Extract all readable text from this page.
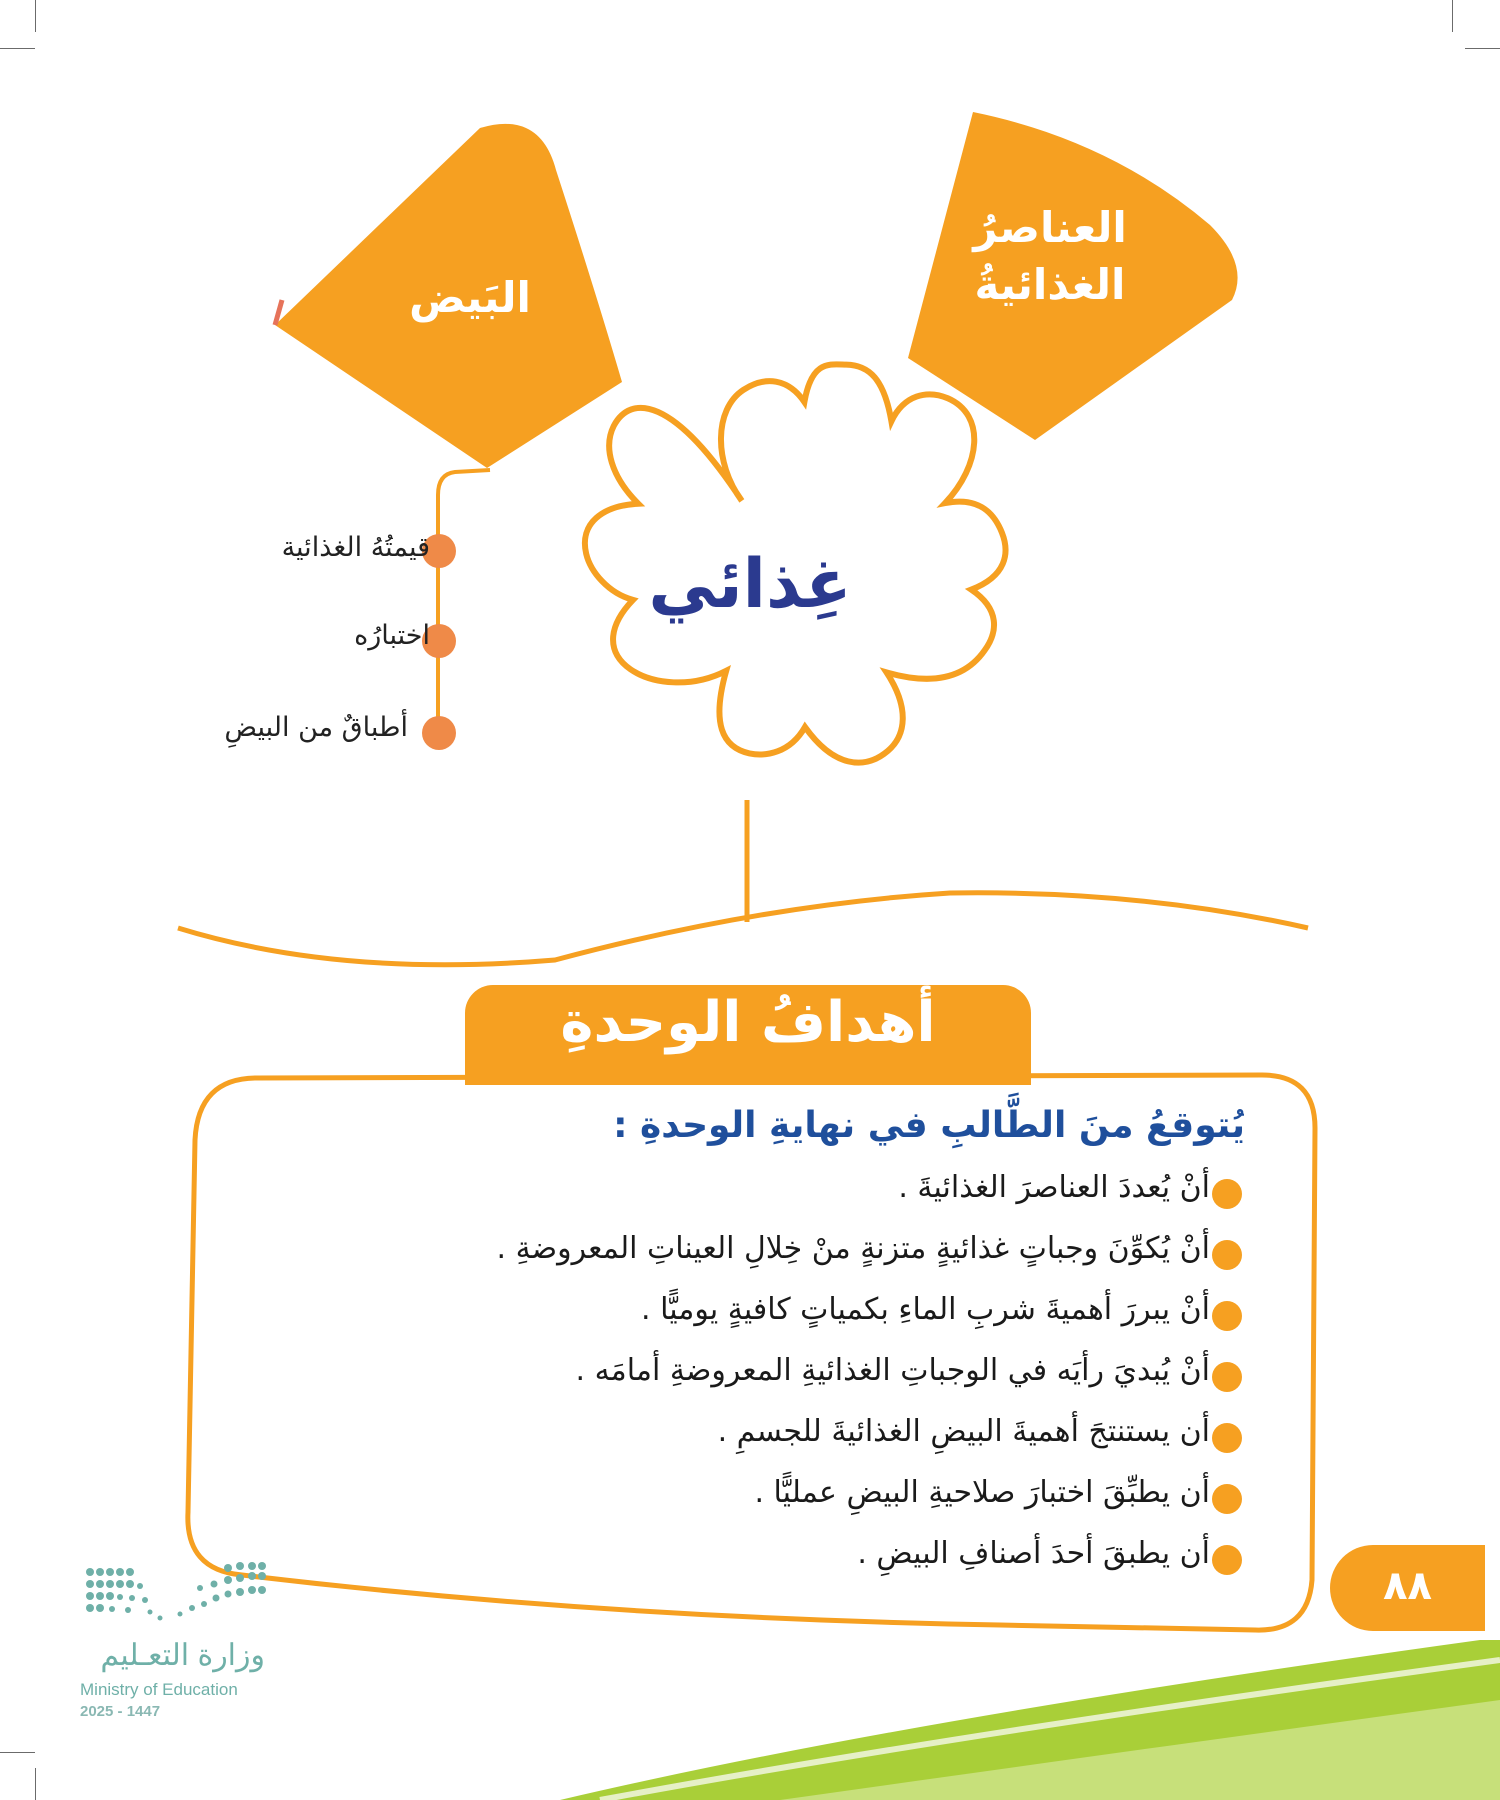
البَيض
العناصرُ
الغذائيةُ
غِذائي
قيمتُهُ الغذائية
اختبارُه
أطباقٌ من البيضِ
أهدافُ الوحدةِ
يُتوقعُ منَ الطَّالبِ في نهايةِ الوحدةِ :
أنْ يُعددَ العناصرَ الغذائيةَ .
أنْ يُكوِّنَ وجباتٍ غذائيةٍ متزنةٍ منْ خِلالِ العيناتِ المعروضةِ .
أنْ يبررَ أهميةَ شربِ الماءِ بكمياتٍ كافيةٍ يوميًّا .
أنْ يُبديَ رأيَه في الوجباتِ الغذائيةِ المعروضةِ أمامَه .
أن يستنتجَ أهميةَ البيضِ الغذائيةَ للجسمِ .
أن يطبِّقَ اختبارَ صلاحيةِ البيضِ عمليًّا .
أن يطبقَ أحدَ أصنافِ البيضِ .
٨٨
وزارة التعـليم
Ministry of Education
2025 - 1447
